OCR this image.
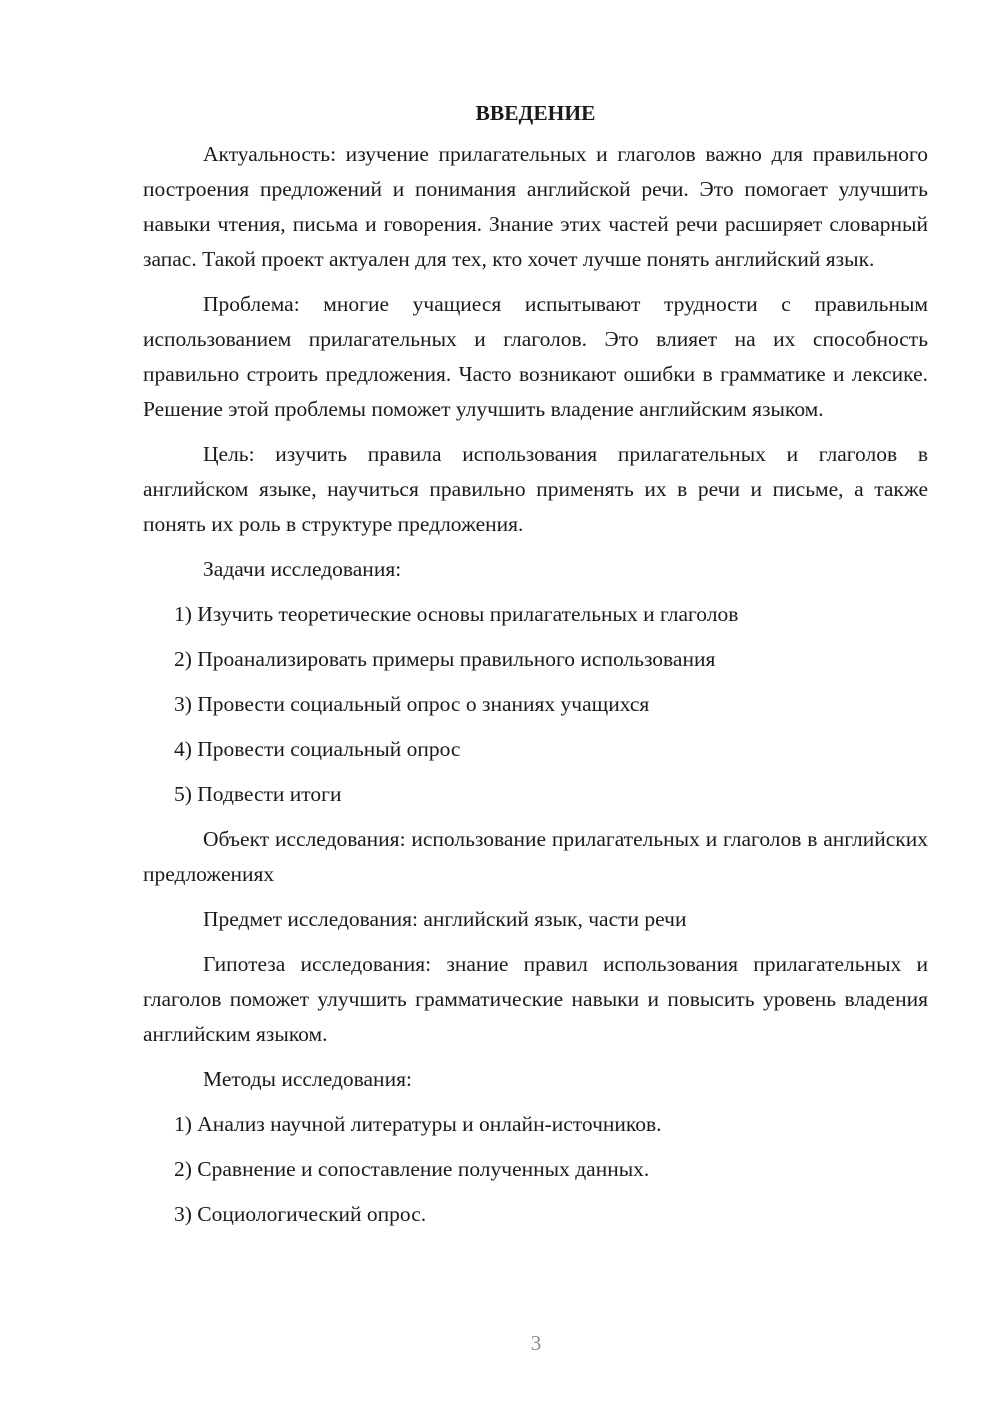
ВВЕДЕНИЕ

Актуальность: изучение прилагательных и глаголов важно для правильного построения предложений и понимания английской речи. Это помогает улучшить навыки чтения, письма и говорения. Знание этих частей речи расширяет словарный запас. Такой проект актуален для тех, кто хочет лучше понять английский язык.

Проблема: многие учащиеся испытывают трудности с правильным использованием прилагательных и глаголов. Это влияет на их способность правильно строить предложения. Часто возникают ошибки в грамматике и лексике. Решение этой проблемы поможет улучшить владение английским языком.

Цель: изучить правила использования прилагательных и глаголов в английском языке, научиться правильно применять их в речи и письме, а также понять их роль в структуре предложения.

Задачи исследования:

1) Изучить теоретические основы прилагательных и глаголов
2) Проанализировать примеры правильного использования
3) Провести социальный опрос о знаниях учащихся
4) Провести социальный опрос
5) Подвести итоги

Объект исследования: использование прилагательных и глаголов в английских предложениях

Предмет исследования: английский язык, части речи

Гипотеза исследования: знание правил использования прилагательных и глаголов поможет улучшить грамматические навыки и повысить уровень владения английским языком.

Методы исследования:

1) Анализ научной литературы и онлайн-источников.
2) Сравнение и сопоставление полученных данных.
3) Социологический опрос.
3
